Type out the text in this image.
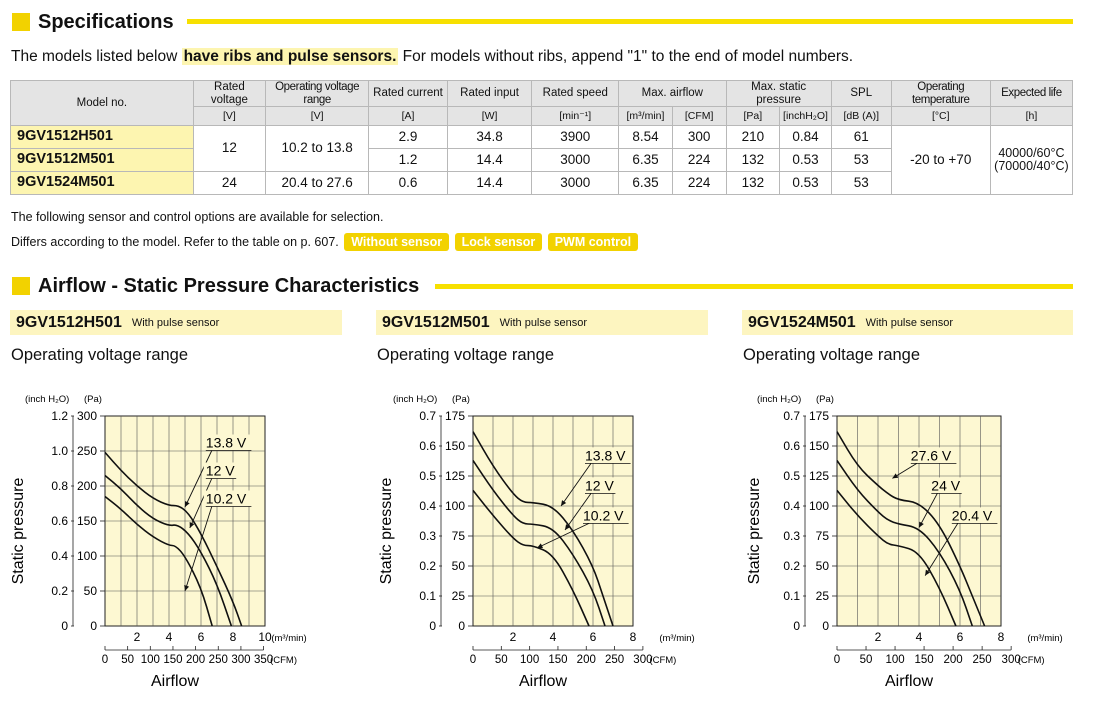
Specifications
The models listed below have ribs and pulse sensors. For models without ribs, append "1" to the end of model numbers.
Model no.	Rated voltage	Operating voltage range	Rated current	Rated input	Rated speed	Max. airflow		Max. static pressure		SPL	Operating temperature	Expected life
	[V]	[V]	[A]	[W]	[min⁻¹]	[m³/min]	[CFM]	[Pa]	[inchH₂O]	[dB (A)]	[°C]	[h]
9GV1512H501	12	10.2 to 13.8	2.9	34.8	3900	8.54	300	210	0.84	61	-20 to +70	40000/60°C
(70000/40°C)

9GV1512M501			1.2	14.4	3000	6.35	224	132	0.53	53		
9GV1524M501	24	20.4 to 27.6	0.6	14.4	3000	6.35	224	132	0.53	53		
The following sensor and control options are available for selection.
Differs according to the model. Refer to the table on p. 607. Without sensor Lock sensor PWM control
Airflow - Static Pressure Characteristics
9GV1512H501 With pulse sensor	9GV1512M501 With pulse sensor	9GV1524M501 With pulse sensor
Operating voltage range	Operating voltage range	Operating voltage range
0
0
50
0.2
100
0.4
150
0.6
200
0.8
250
1.0
300
1.2
2 4 6 8 10 (m³/min)
0 50 100 150 200 250 300 350
(CFM)
Airflow
Static pressure
(inch H₂O) (Pa)
13.8 V
12 V
10.2 V
0
0
25
0.1
50
0.2
75
0.3
100
0.4
125
0.5
150
0.6
175
0.7
2	4	6	8 (m³/min)
0 50 100 150 200 250 300
(CFM)
Airflow
Static pressure
(inch H₂O) (Pa)
13.8 V
12 V
10.2 V
0
0
25
0.1
50
0.2
75
0.3
100
0.4
125
0.5
150
0.6
175
0.7
2	4	6	8 (m³/min)
0 50 100 150 200 250 300
(CFM)
Airflow
Static pressure
(inch H₂O) (Pa)
27.6 V
24 V
20.4 V
